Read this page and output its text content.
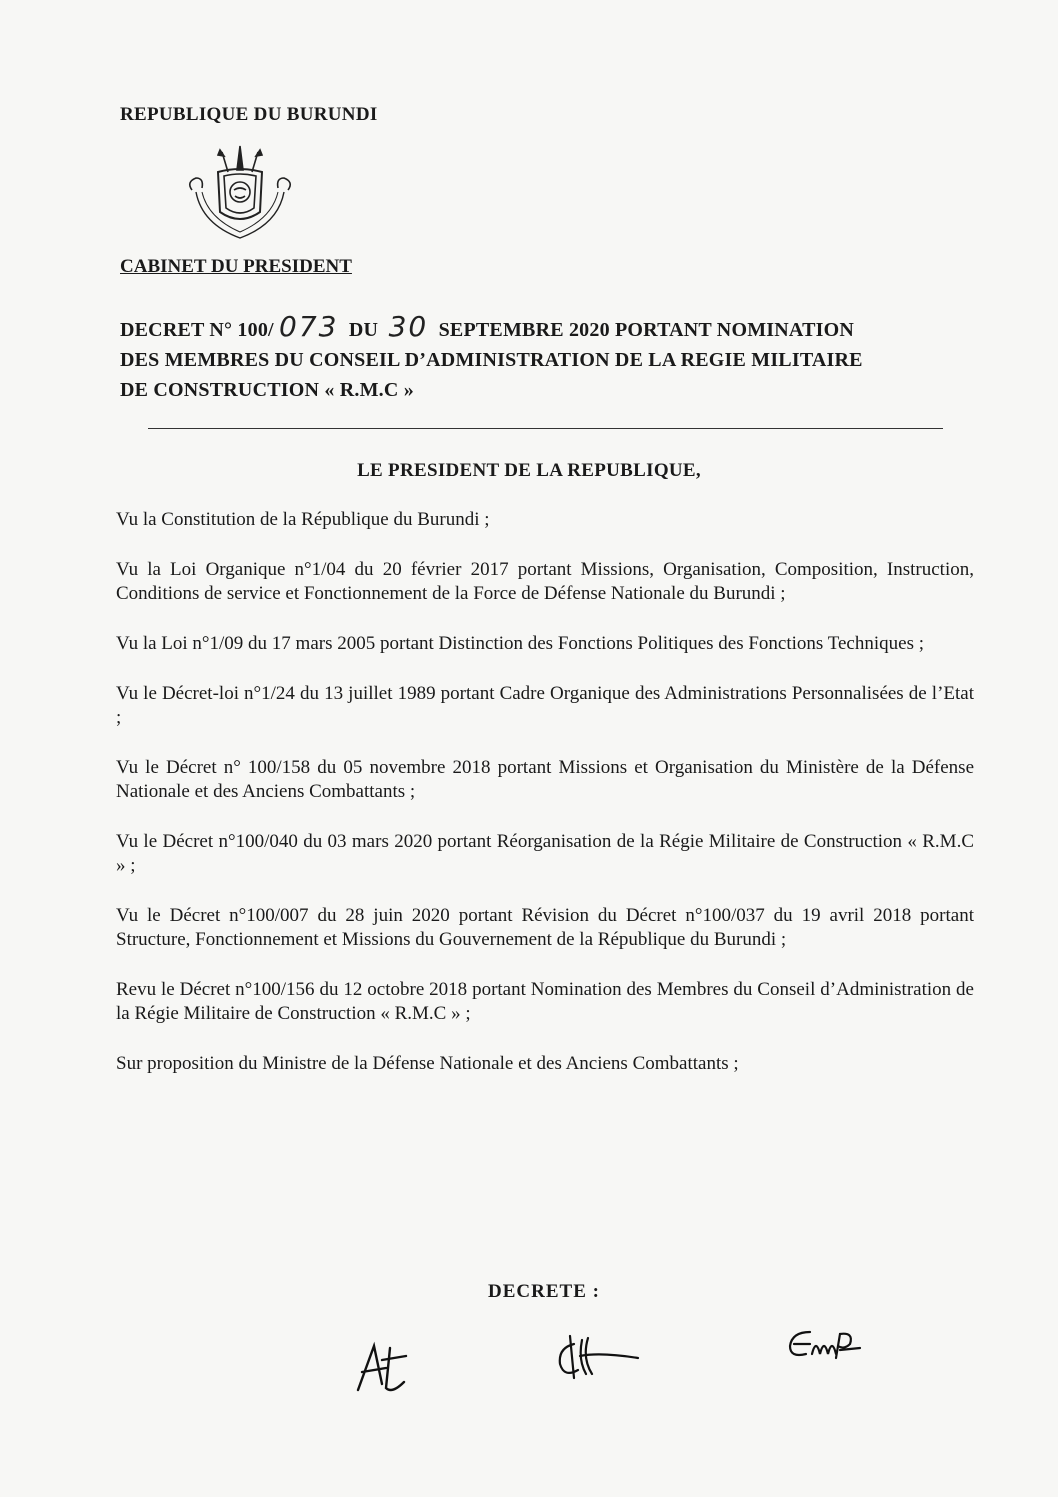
REPUBLIQUE DU BURUNDI
CABINET DU PRESIDENT
DECRET N° 100/ 073 DU 30 SEPTEMBRE 2020 PORTANT NOMINATION
DES MEMBRES DU CONSEIL D’ADMINISTRATION DE LA REGIE MILITAIRE
DE CONSTRUCTION « R.M.C »
LE PRESIDENT DE LA REPUBLIQUE,

Vu la Constitution de la République du Burundi ;

Vu la Loi Organique n°1/04 du 20 février 2017 portant Missions, Organisation, Composition, Instruction, Conditions de service et Fonctionnement de la Force de Défense Nationale du Burundi ;

Vu la Loi n°1/09 du 17 mars 2005 portant Distinction des Fonctions Politiques des Fonctions Techniques ;

Vu le Décret-loi n°1/24 du 13 juillet 1989 portant Cadre Organique des Administrations Personnalisées de l’Etat ;

Vu le Décret n° 100/158 du 05 novembre 2018 portant Missions et Organisation du Ministère de la Défense Nationale et des Anciens Combattants ;

Vu le Décret n°100/040 du 03 mars 2020 portant Réorganisation de la Régie Militaire de Construction « R.M.C » ;

Vu le Décret n°100/007 du 28 juin 2020 portant Révision du Décret n°100/037 du 19 avril 2018 portant Structure, Fonctionnement et Missions du Gouvernement de la République du Burundi ;

Revu le Décret n°100/156 du 12 octobre 2018 portant Nomination des Membres du Conseil d’Administration de la Régie Militaire de Construction « R.M.C » ;

Sur proposition du Ministre de la Défense Nationale et des Anciens Combattants ;

DECRETE :
